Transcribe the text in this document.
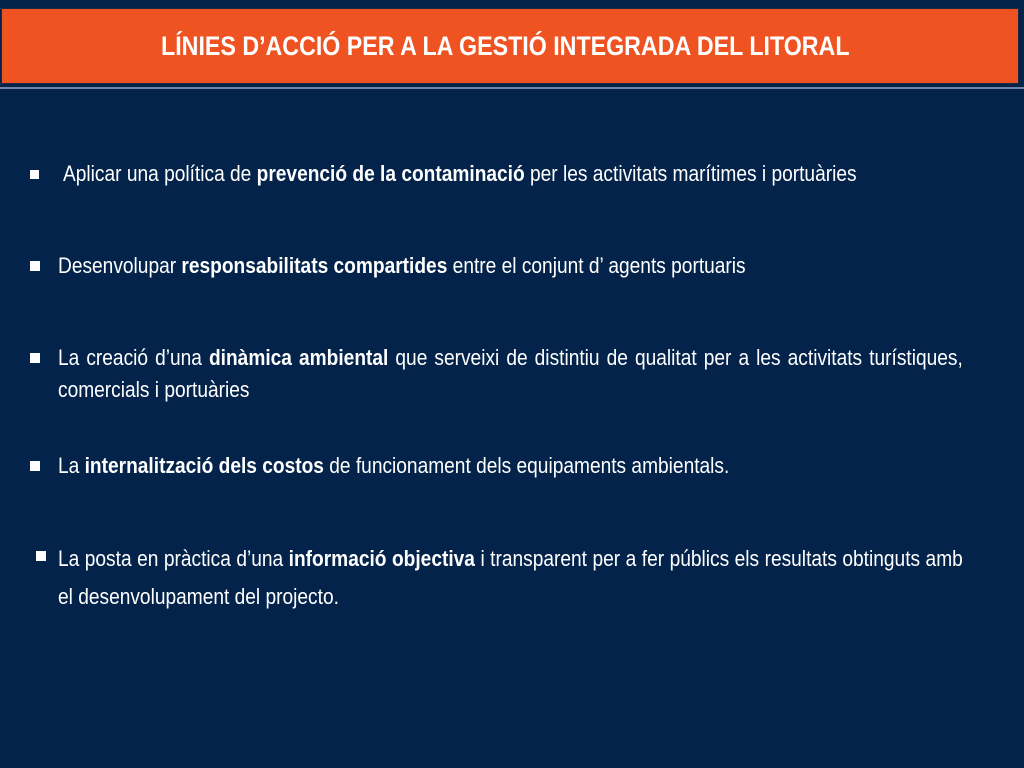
LÍNIES D’ACCIÓ PER A LA GESTIÓ INTEGRADA DEL LITORAL
Aplicar una política de prevenció de la contaminació per les activitats marítimes i portuàries
Desenvolupar responsabilitats compartides entre el conjunt d’ agents portuaris
La creació d’una dinàmica ambiental que serveixi de distintiu de qualitat per a les activitats turístiques, comercials i portuàries
La internalització dels costos de funcionament dels equipaments ambientals.
La posta en pràctica d’una informació objectiva i transparent per a fer públics els resultats obtinguts amb el desenvolupament del projecto.
